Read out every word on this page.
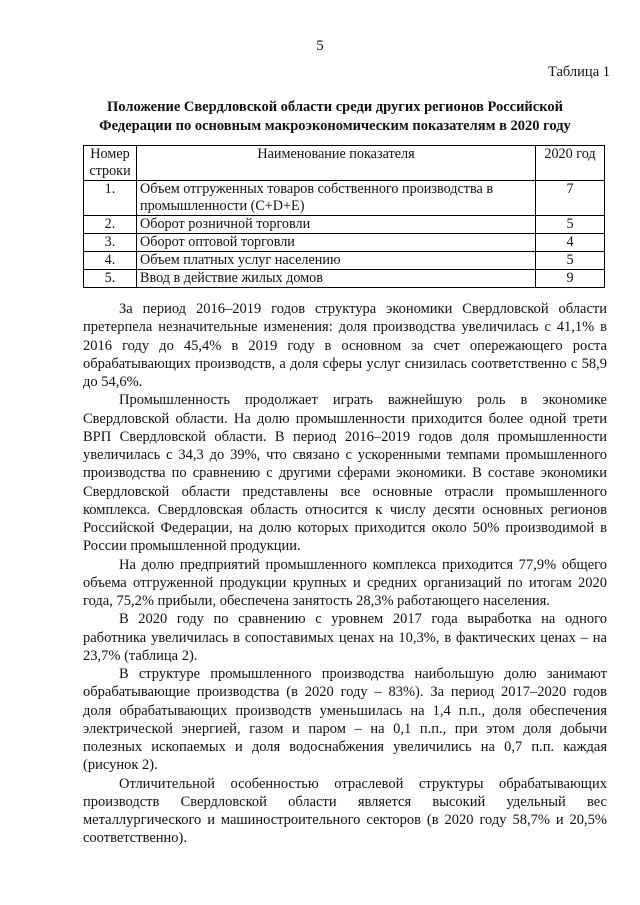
5
Таблица 1
Положение Свердловской области среди других регионов Российской
Федерации по основным макроэкономическим показателям в 2020 году
Номер
строки	Наименование показателя	2020 год
1.	Объем отгруженных товаров собственного производства в промышленности (C+D+E)	7
2.	Оборот розничной торговли	5
3.	Оборот оптовой торговли	4
4.	Объем платных услуг населению	5
5.	Ввод в действие жилых домов	9

За период 2016–2019 годов структура экономики Свердловской области претерпела незначительные изменения: доля производства увеличилась с 41,1% в 2016 году до 45,4% в 2019 году в основном за счет опережающего роста обрабатывающих производств, а доля сферы услуг снизилась соответственно с 58,9 до 54,6%.

Промышленность продолжает играть важнейшую роль в экономике Свердловской области. На долю промышленности приходится более одной трети ВРП Свердловской области. В период 2016–2019 годов доля промышленности увеличилась с 34,3 до 39%, что связано с ускоренными темпами промышленного производства по сравнению с другими сферами экономики. В составе экономики Свердловской области представлены все основные отрасли промышленного комплекса. Свердловская область относится к числу десяти основных регионов Российской Федерации, на долю которых приходится около 50% производимой в России промышленной продукции.

На долю предприятий промышленного комплекса приходится 77,9% общего объема отгруженной продукции крупных и средних организаций по итогам 2020 года, 75,2% прибыли, обеспечена занятость 28,3% работающего населения.

В 2020 году по сравнению с уровнем 2017 года выработка на одного работника увеличилась в сопоставимых ценах на 10,3%, в фактических ценах – на 23,7% (таблица 2).

В структуре промышленного производства наибольшую долю занимают обрабатывающие производства (в 2020 году – 83%). За период 2017–2020 годов доля обрабатывающих производств уменьшилась на 1,4 п.п., доля обеспечения электрической энергией, газом и паром – на 0,1 п.п., при этом доля добычи полезных ископаемых и доля водоснабжения увеличились на 0,7 п.п. каждая (рисунок 2).

Отличительной особенностью отраслевой структуры обрабатывающих производств Свердловской области является высокий удельный вес металлургического и машиностроительного секторов (в 2020 году 58,7% и 20,5% соответственно).
